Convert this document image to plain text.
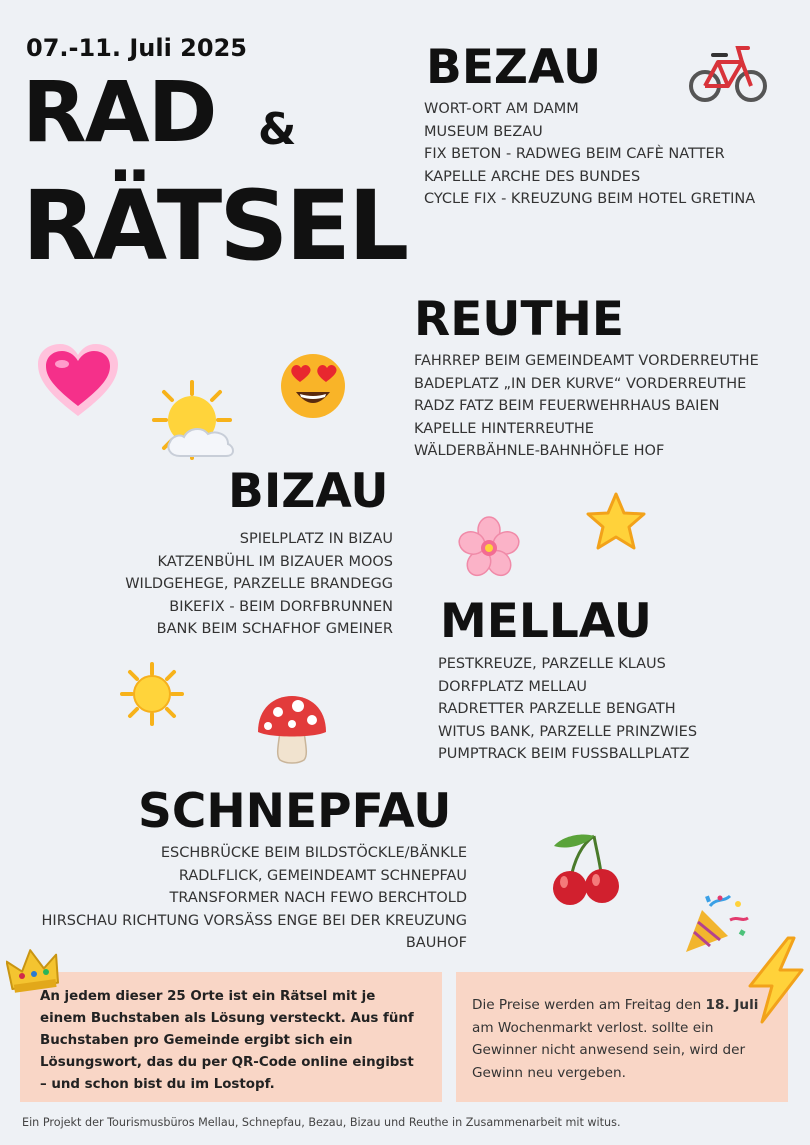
07.-11. Juli 2025
RAD &
RÄTSEL
BEZAU
WORT-ORT AM DAMM
MUSEUM BEZAU
FIX BETON - RADWEG BEIM CAFÈ NATTER
KAPELLE ARCHE DES BUNDES
CYCLE FIX - KREUZUNG BEIM HOTEL GRETINA
REUTHE
FAHRREP BEIM GEMEINDEAMT VORDERREUTHE
BADEPLATZ „IN DER KURVE“ VORDERREUTHE
RADZ FATZ BEIM FEUERWEHRHAUS BAIEN
KAPELLE HINTERREUTHE
WÄLDERBÄHNLE-BAHNHÖFLE HOF
BIZAU
SPIELPLATZ IN BIZAU
KATZENBÜHL IM BIZAUER MOOS
WILDGEHEGE, PARZELLE BRANDEGG
BIKEFIX - BEIM DORFBRUNNEN
BANK BEIM SCHAFHOF GMEINER MELLAU
PESTKREUZE, PARZELLE KLAUS
DORFPLATZ MELLAU
RADRETTER PARZELLE BENGATH
WITUS BANK, PARZELLE PRINZWIES
PUMPTRACK BEIM FUSSBALLPLATZ
SCHNEPFAU
ESCHBRÜCKE BEIM BILDSTÖCKLE/BÄNKLE
RADLFLICK, GEMEINDEAMT SCHNEPFAU
TRANSFORMER NACH FEWO BERCHTOLD
HIRSCHAU RICHTUNG VORSÄSS ENGE BEI DER KREUZUNG
BAUHOF
An jedem dieser 25 Orte ist ein Rätsel mit je einem Buchstaben als Lösung versteckt. Aus fünf Buchstaben pro Gemeinde ergibt sich ein Lösungswort, das du per QR-Code online eingibst – und schon bist du im Lostopf.
Die Preise werden am Freitag den 18. Juli am Wochenmarkt verlost. sollte ein Gewinner nicht anwesend sein, wird der Gewinn neu vergeben.
Ein Projekt der Tourismusbüros Mellau, Schnepfau, Bezau, Bizau und Reuthe in Zusammenarbeit mit witus.
